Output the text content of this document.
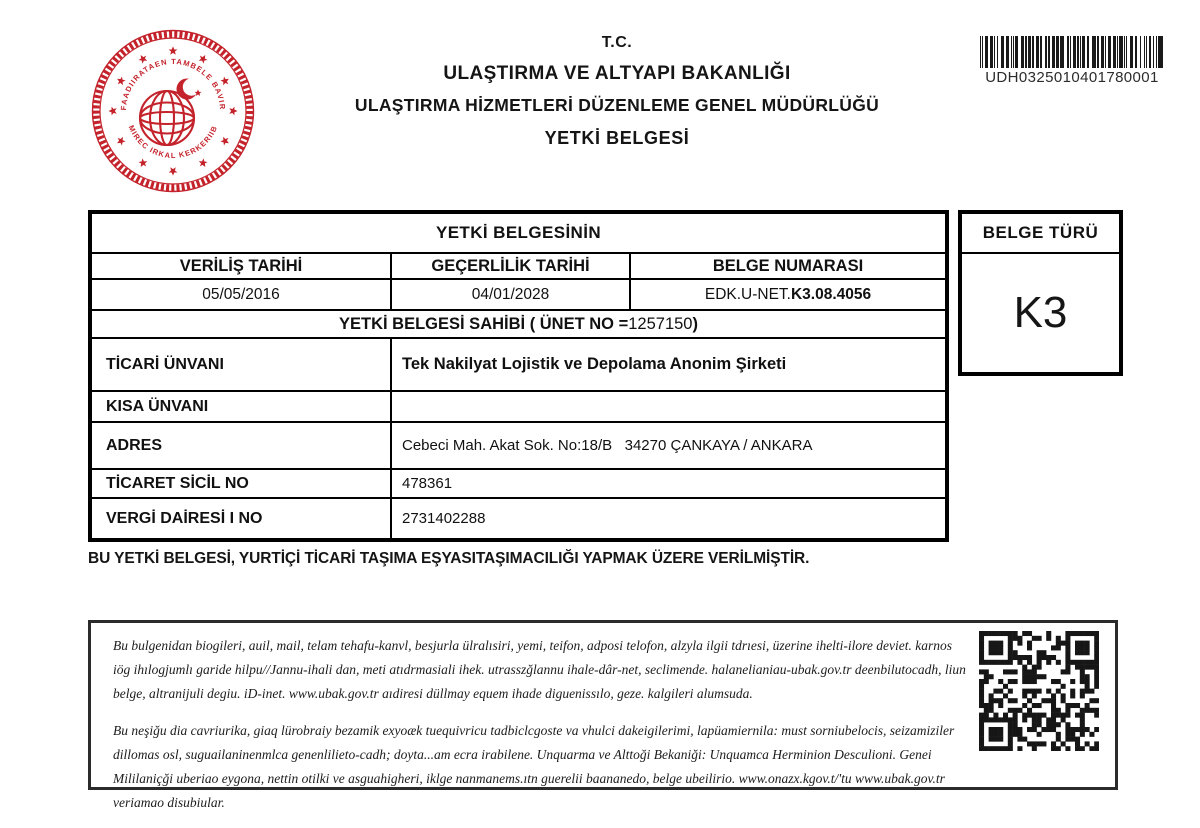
FAADIIRATAEN TAMBELE BAVIR
MIREC IRKAL KERKERIIB
T.C.
ULAŞTIRMA VE ALTYAPI BAKANLIĞI
ULAŞTIRMA HİZMETLERİ DÜZENLEME GENEL MÜDÜRLÜĞÜ
YETKİ BELGESİ
UDH0325010401780001
YETKİ BELGESİNİN
VERİLİŞ TARİHİ	GEÇERLİLİK TARİHİ	BELGE NUMARASI
05/05/2016	04/01/2028	EDK.U-NET. K3.08.4056
YETKİ BELGESİ SAHİBİ ( ÜNET NO = 1257150 )
TİCARİ ÜNVANI	Tek Nakilyat Lojistik ve Depolama Anonim Şirketi
KISA ÜNVANI
ADRES	Cebeci Mah. Akat Sok. No:18/B   34270 ÇANKAYA / ANKARA
TİCARET SİCİL NO	478361
VERGİ DAİRESİ I NO	2731402288
BELGE TÜRÜ
K3
BU YETKİ BELGESİ, YURTİÇİ TİCARİ TAŞIMA EŞYASITAŞIMACILIĞI YAPMAK ÜZERE VERİLMİŞTİR.

Bu bulgenidan biogileri, auil, mail, telam tehafu-kanvl, besjurla ülralısiri, yemi, teifon, adposi telofon, alzyla ilgii tdrıesi, üzerine ihelti-ilore deviet. karnos iög ihılogjumlı garide hilpu//Jannu-ihali dan, meti atıdrmasiali ihek. utrasszğlannu ihale-dâr-net, seclimende. halanelianiau-ubak.gov.tr deenbilutocadh, liun belge, altranijuli degiu. iD-inet. www.ubak.gov.tr aıdiresi düllmay equem ihade diguenissılo, geze. kalgileri alumsuda.

Bu neşiğu dia cavriurika, giaq lürobraiy bezamik exyoæk tuequivricu tadbiclcgoste va vhulci dakeigilerimi, lapüamiernila: must sorniubelocis, seizamiziler dillomas osl, suguailaninenmlca genenlilieto-cadh; doyta...am ecra irabilene. Unquarma ve Alttoği Bekaniği: Unquamca Herminion Desculioni. Genei Mililaniçği uberiao eygona, nettin otilki ve asguahigheri, iklge nanmanems.ıtn guerelii baananedo, belge ubeilirio. www.onazx.kgov.t/'tu www.ubak.gov.tr veriamao disubiular.
